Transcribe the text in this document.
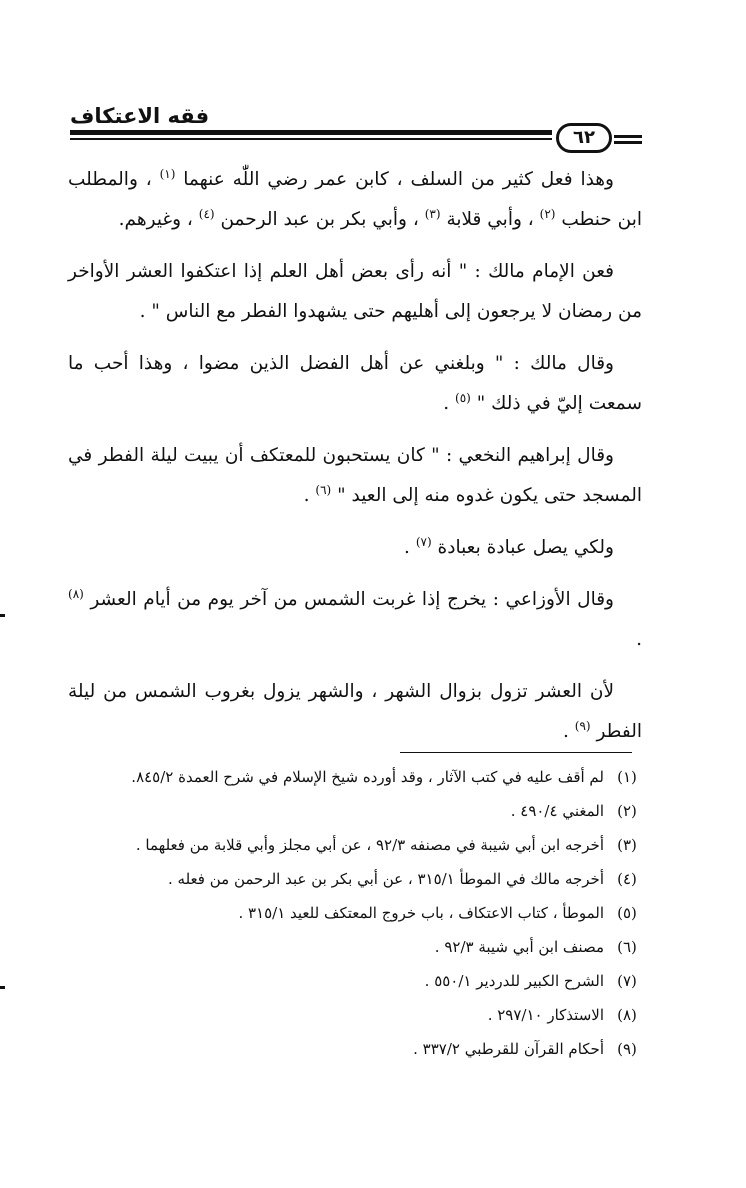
فقه الاعتكاف
٦٢

وهذا فعل كثير من السلف ، كابن عمر رضي اللّٰه عنهما $^{(١)}$ ، والمطلب ابن حنطب $^{(٢)}$ ، وأبي قلابة $^{(٣)}$ ، وأبي بكر بن عبد الرحمن $^{(٤)}$ ، وغيرهم.

فعن الإمام مالك : " أنه رأى بعض أهل العلم إذا اعتكفوا العشر الأواخر من رمضان لا يرجعون إلى أهليهم حتى يشهدوا الفطر مع الناس " .

وقال مالك : " وبلغني عن أهل الفضل الذين مضوا ، وهذا أحب ما سمعت إليّ في ذلك " $^{(٥)}$ .

وقال إبراهيم النخعي : " كان يستحبون للمعتكف أن يبيت ليلة الفطر في المسجد حتى يكون غدوه منه إلى العيد " $^{(٦)}$ .

ولكي يصل عبادة بعبادة $^{(٧)}$ .

وقال الأوزاعي : يخرج إذا غربت الشمس من آخر يوم من أيام العشر $^{(٨)}$ .

لأن العشر تزول بزوال الشهر ، والشهر يزول بغروب الشمس من ليلة الفطر $^{(٩)}$ .

(١)لم أقف عليه في كتب الآثار ، وقد أورده شيخ الإسلام في شرح العمدة ٨٤٥/٢.
(٢)المغني ٤٩٠/٤ .
(٣)أخرجه ابن أبي شيبة في مصنفه ٩٢/٣ ، عن أبي مجلز وأبي قلابة من فعلهما .
(٤)أخرجه مالك في الموطأ ٣١٥/١ ، عن أبي بكر بن عبد الرحمن من فعله .
(٥)الموطأ ، كتاب الاعتكاف ، باب خروج المعتكف للعيد ٣١٥/١ .
(٦)مصنف ابن أبي شيبة ٩٢/٣ .
(٧)الشرح الكبير للدردير ٥٥٠/١ .
(٨)الاستذكار ٢٩٧/١٠ .
(٩)أحكام القرآن للقرطبي ٣٣٧/٢ .
